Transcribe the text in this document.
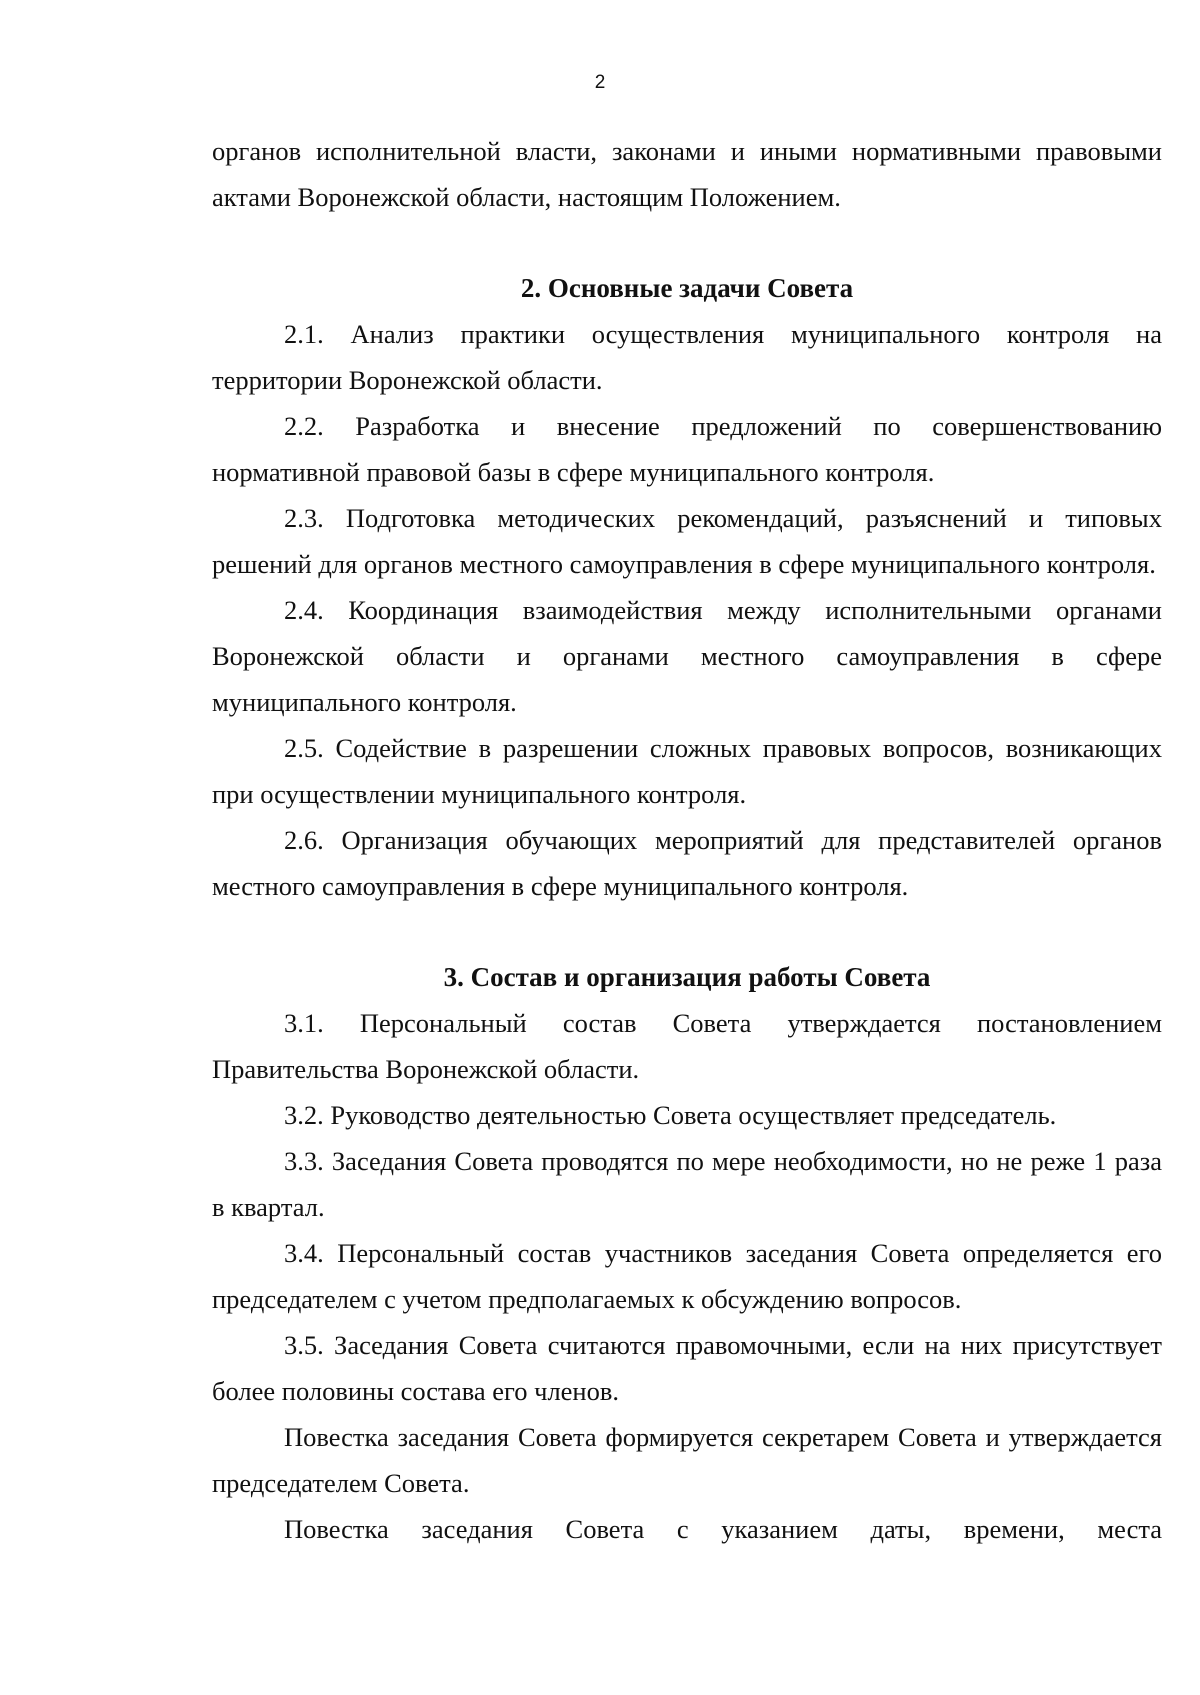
2

органов исполнительной власти, законами и иными нормативными правовыми актами Воронежской области, настоящим Положением.

2. Основные задачи Совета

2.1. Анализ практики осуществления муниципального контроля на территории Воронежской области.

2.2. Разработка и внесение предложений по совершенствованию нормативной правовой базы в сфере муниципального контроля.

2.3. Подготовка методических рекомендаций, разъяснений и типовых решений для органов местного самоуправления в сфере муниципального контроля.

2.4. Координация взаимодействия между исполнительными органами Воронежской области и органами местного самоуправления в сфере муниципального контроля.

2.5. Содействие в разрешении сложных правовых вопросов, возникающих при осуществлении муниципального контроля.

2.6. Организация обучающих мероприятий для представителей органов местного самоуправления в сфере муниципального контроля.

3. Состав и организация работы Совета

3.1. Персональный состав Совета утверждается постановлением Правительства Воронежской области.

3.2. Руководство деятельностью Совета осуществляет председатель.

3.3. Заседания Совета проводятся по мере необходимости, но не реже 1 раза в квартал.

3.4. Персональный состав участников заседания Совета определяется его председателем с учетом предполагаемых к обсуждению вопросов.

3.5. Заседания Совета считаются правомочными, если на них присутствует более половины состава его членов.

Повестка заседания Совета формируется секретарем Совета и утверждается председателем Совета.

Повестка заседания Совета с указанием даты, времени, места
